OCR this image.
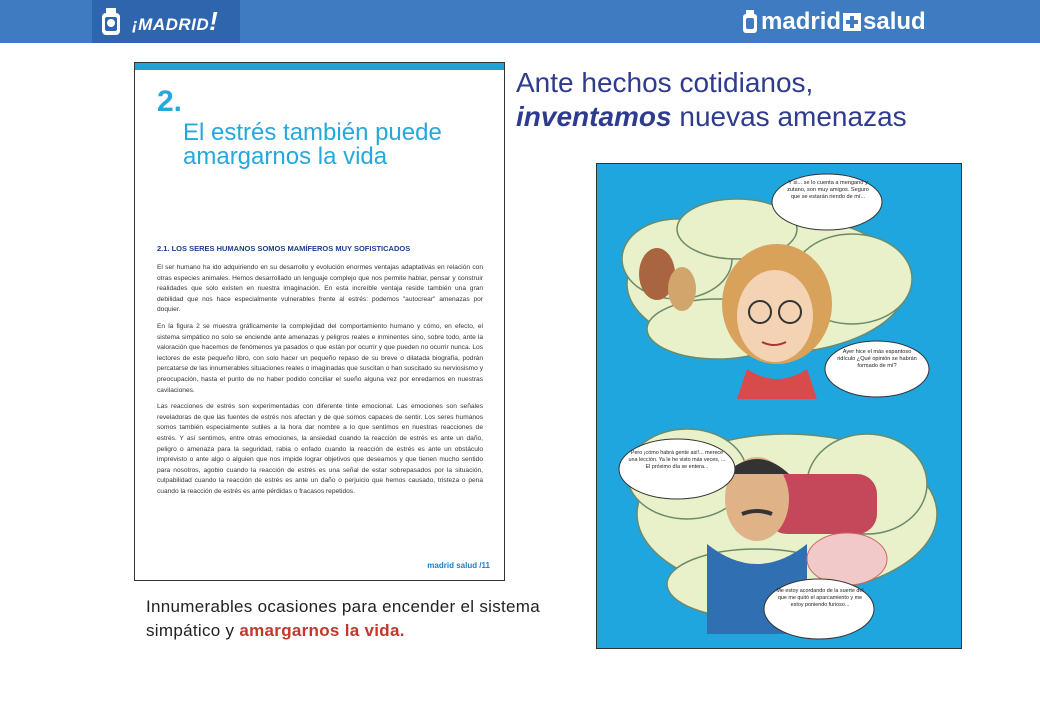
¡MADRID!	madrid salud
Ante hechos cotidianos,
inventamos nuevas amenazas
2.
El estrés también puede amargarnos la vida
2.1. LOS SERES HUMANOS SOMOS MAMÍFEROS MUY SOFISTICADOS

El ser humano ha ido adquiriendo en su desarrollo y evolución enormes ventajas adaptativas en relación con otras especies animales. Hemos desarrollado un lenguaje complejo que nos permite hablar, pensar y construir realidades que solo existen en nuestra imaginación. En esta increíble ventaja reside también una gran debilidad que nos hace especialmente vulnerables frente al estrés: podemos "autocrear" amenazas por doquier.

En la figura 2 se muestra gráficamente la complejidad del comportamiento humano y cómo, en efecto, el sistema simpático no solo se enciende ante amenazas y peligros reales e inminentes sino, sobre todo, ante la valoración que hacemos de fenómenos ya pasados o que están por ocurrir y que pueden no ocurrir nunca. Los lectores de este pequeño libro, con solo hacer un pequeño repaso de su breve o dilatada biografía, podrán percatarse de las innumerables situaciones reales o imaginadas que suscitan o han suscitado su nerviosismo y preocupación, hasta el punto de no haber podido conciliar el sueño alguna vez por enredarnos en nuestras cavilaciones.

Las reacciones de estrés son experimentadas con diferente tinte emocional. Las emociones son señales reveladoras de que las fuentes de estrés nos afectan y de que somos capaces de sentir. Los seres humanos somos también especialmente sutiles a la hora dar nombre a lo que sentimos en nuestras reacciones de estrés. Y así sentimos, entre otras emociones, la ansiedad cuando la reacción de estrés es ante un daño, peligro o amenaza para la seguridad, rabia o enfado cuando la reacción de estrés es ante un obstáculo imprevisto o ante algo o alguien que nos impide lograr objetivos que deseamos y que tienen mucho sentido para nosotros, agobio cuando la reacción de estrés es una señal de estar sobrepasados por la situación, culpabilidad cuando la reacción de estrés es ante un daño o perjuicio que hemos causado, tristeza o pena cuando la reacción de estrés es ante pérdidas o fracasos repetidos.

madrid salud /11
Y si... se lo cuenta a mengano y zutano, son muy amigos. Seguro que se estarán riendo de mí...
Ayer hice el más espantoso ridículo ¿Qué opinión se habrán formado de mí?
Pero ¡cómo habrá gente así!... merece una lección. Ya le he visto más veces, ... El próximo día se entera...
Me estoy acordando de la suerte del que me quitó el aparcamiento y me estoy poniendo furioso...
Innumerables ocasiones para encender el sistema simpático y amargarnos la vida.
